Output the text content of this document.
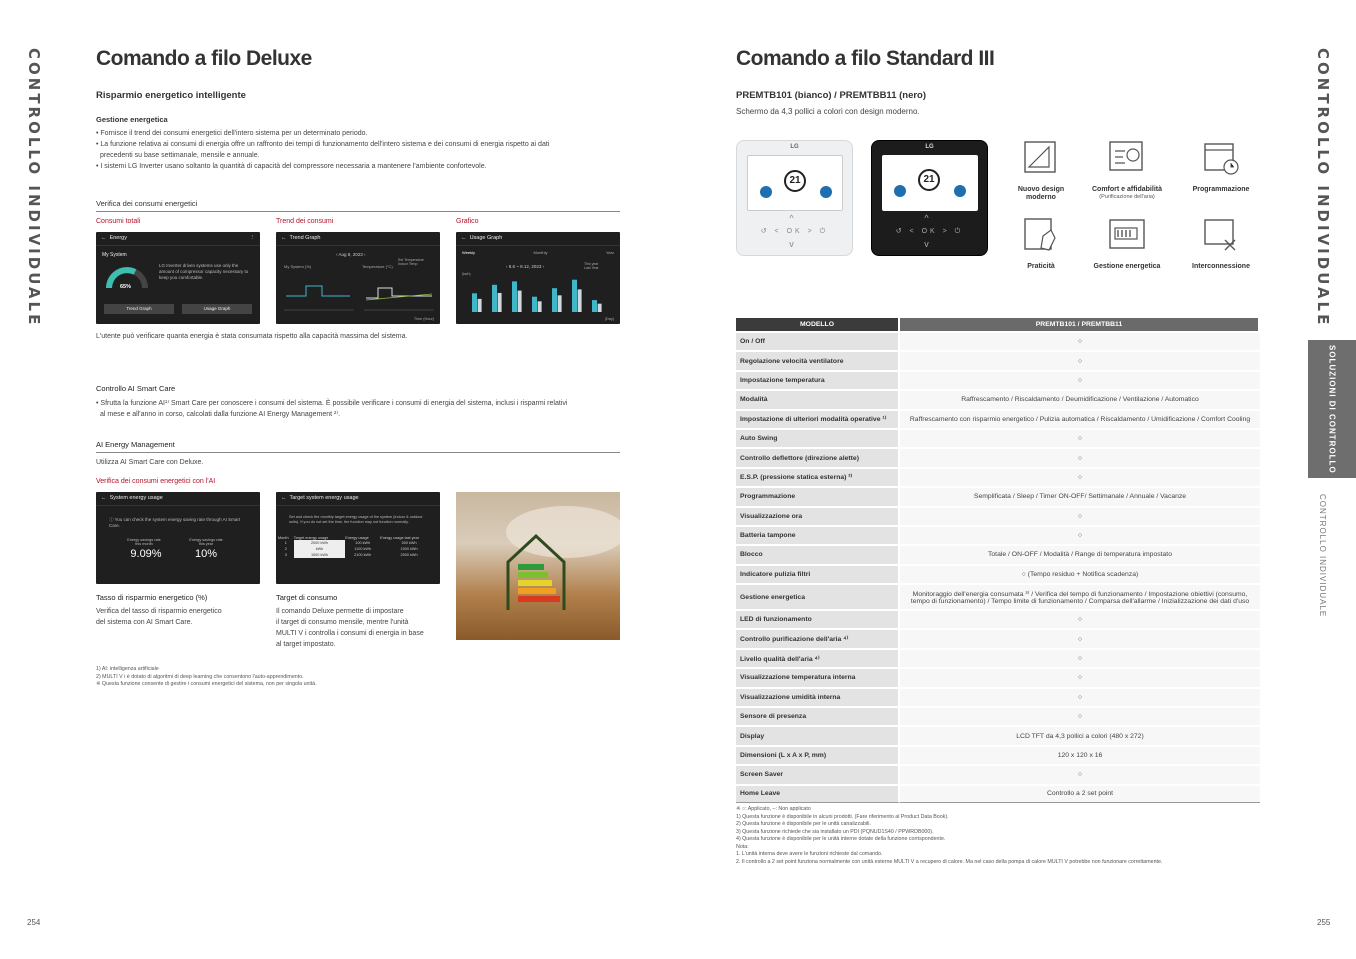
CONTROLLO INDIVIDUALE	CONTROLLO INDIVIDUALE
SOLUZIONI DI CONTROLLO
CONTROLLO INDIVIDUALE
254	255
Comando a filo Deluxe
Risparmio energetico intelligente
Gestione energetica
• Fornisce il trend dei consumi energetici dell'intero sistema per un determinato periodo.
• La funzione relativa ai consumi di energia offre un raffronto dei tempi di funzionamento dell'intero sistema e dei consumi di energia rispetto ai dati
precedenti su base settimanale, mensile e annuale.
• I sistemi LG Inverter usano soltanto la quantità di capacità del compressore necessaria a mantenere l'ambiente confortevole.
Verifica dei consumi energetici
Consumi totali	Trend dei consumi	Grafico
← Energy	⋮
My System
65%
LG Inverter driven systems use only the amount of compressor capacity necessary to keep you comfortable.
Trend Graph	Usage Graph
← Trend Graph
‹ Aug 8, 2023 ›
My System (%)	Temperature (°C)
Set Temperature
Indoor Temp
Time (Hour)
← Usage Graph
Weekly	Monthly	Year
‹ 8.6 ~ 8.12, 2023 ›
(kwh)
This year
Last Year
(Day)
L'utente può verificare quanta energia è stata consumata rispetto alla capacità massima del sistema.
Controllo AI Smart Care
• Sfrutta la funzione AI¹⁾ Smart Care per conoscere i consumi del sistema. È possibile verificare i consumi di energia del sistema, inclusi i risparmi relativi
al mese e all'anno in corso, calcolati dalla funzione AI Energy Management ²⁾.
AI Energy Management
Utilizza AI Smart Care con Deluxe.
Verifica dei consumi energetici con l'AI
← System energy usage
ⓘ You can check the system energy saving rate through AI Smart Care.
Energy savings rate this month
9.09%
Energy savings rate this year
10%
← Target system energy usage
Set and check the monthly target energy usage of the system (indoor & outdoor units). If you do not set the time, the function may not function normally.
Month	Target energy usage	Energy usage	Energy usage last year
1	2000 kWh	100 kWh	500 kWh
2	kWh	1100 kWh	1500 kWh
3	1500 kWh	2100 kWh	2500 kWh
Tasso di risparmio energetico (%)
Verifica del tasso di risparmio energetico
del sistema con AI Smart Care.
Target di consumo
Il comando Deluxe permette di impostare
il target di consumo mensile, mentre l'unità
MULTI V i controlla i consumi di energia in base
al target impostato.
1) AI: intelligenza artificiale
2) MULTI V i è dotato di algoritmi di deep learning che consentono l'auto-apprendimento.
※ Questa funzione consente di gestire i consumi energetici del sistema, non per singola unità.
Comando a filo Standard III
PREMTB101 (bianco) / PREMTBB11 (nero)
Schermo da 4,3 pollici a colori con design moderno.
LG
21
^
↺ < OK > ⏻
v
LG
21
^
↺ < OK > ⏻
v
Nuovo design moderno
Comfort e affidabilità
(Purificazione dell'aria)
Programmazione
Praticità	Gestione energetica	Interconnessione
MODELLO	PREMTB101 / PREMTBB11
On / Off	○
Regolazione velocità ventilatore	○
Impostazione temperatura	○
Modalità	Raffrescamento / Riscaldamento / Deumidificazione / Ventilazione / Automatico
Impostazione di ulteriori modalità operative ¹⁾	Raffrescamento con risparmio energetico / Pulizia automatica / Riscaldamento / Umidificazione / Comfort Cooling
Auto Swing	○
Controllo deflettore (direzione alette)	○
E.S.P. (pressione statica esterna) ²⁾	○
Programmazione	Semplificata / Sleep / Timer ON-OFF/ Settimanale / Annuale / Vacanze
Visualizzazione ora	○
Batteria tampone	○
Blocco	Totale / ON-OFF / Modalità / Range di temperatura impostato
Indicatore pulizia filtri	○ (Tempo residuo + Notifica scadenza)
Gestione energetica	Monitoraggio dell'energia consumata ³⁾ / Verifica del tempo di funzionamento / Impostazione obiettivi (consumo, tempo di funzionamento) / Tempo limite di funzionamento / Comparsa dell'allarme / Inizializzazione dei dati d'uso
LED di funzionamento	○
Controllo purificazione dell'aria ⁴⁾	○
Livello qualità dell'aria ⁴⁾	○
Visualizzazione temperatura interna	○
Visualizzazione umidità interna	○
Sensore di presenza	○
Display	LCD TFT da 4,3 pollici a colori (480 x 272)
Dimensioni (L x A x P, mm)	120 x 120 x 16
Screen Saver	○
Home Leave	Controllo a 2 set point
※ ○: Applicato, –: Non applicato
1) Questa funzione è disponibile in alcuni prodotti. (Fare riferimento al Product Data Book).
2) Questa funzione è disponibile per le unità canalizzabili.
3) Questa funzione richiede che sia installato un PDI (PQNUD1S40 / PPWRDB000).
4) Questa funzione è disponibile per le unità interne dotate della funzione corrispondente.
Nota:
1. L'unità interna deve avere le funzioni richieste dal comando.
2. Il controllo a 2 set point funziona normalmente con unità esterne MULTI V a recupero di calore. Ma nel caso della pompa di calore MULTI V potrebbe non funzionare correttamente.
